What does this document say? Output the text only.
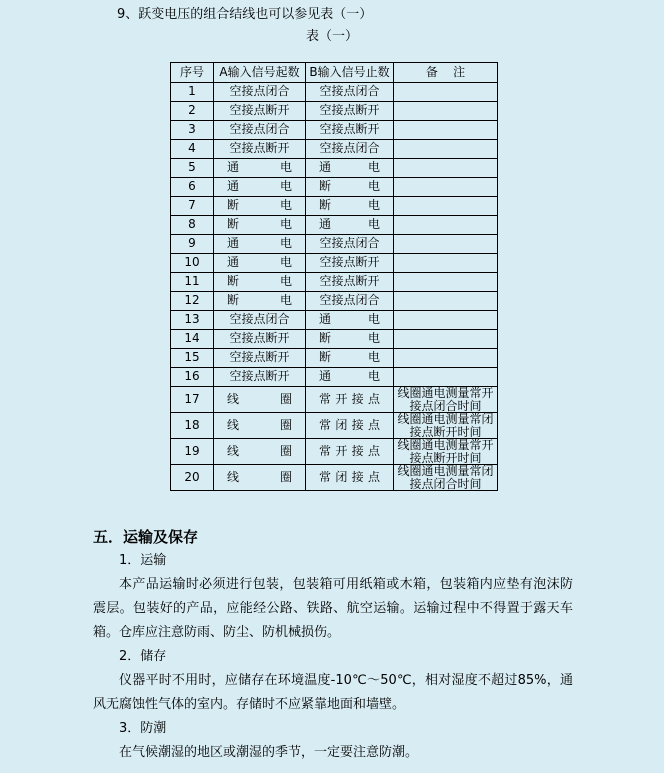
9、跃变电压的组合结线也可以参见表（一）

表（一）

序号	A输入信号起数	B输入信号止数	备    注
1	空接点闭合	空接点闭合	
2	空接点断开	空接点断开	
3	空接点闭合	空接点断开	
4	空接点断开	空接点闭合	
5	通 电	通 电	
6	通 电	断 电	
7	断 电	断 电	
8	断 电	通 电	
9	通 电	空接点闭合	
10	通 电	空接点断开	
11	断 电	空接点断开	
12	断 电	空接点闭合	
13	空接点闭合	通 电	
14	空接点断开	断 电	
15	空接点断开	断 电	
16	空接点断开	通 电	
17	线 圈	常 开 接 点	线圈通电测量常开
接点闭合时间

18	线 圈	常 闭 接 点	线圈通电测量常闭
接点断开时间

19	线 圈	常 开 接 点	线圈通电测量常开
接点断开时间

20	线 圈	常 闭 接 点	线圈通电测量常闭
接点闭合时间
五．运输及保存

1．运输

本产品运输时必须进行包装，包装箱可用纸箱或木箱，包装箱内应垫有泡沫防震层。包装好的产品，应能经公路、铁路、航空运输。运输过程中不得置于露天车箱。仓库应注意防雨、防尘、防机械损伤。

2．储存

仪器平时不用时，应储存在环境温度-10℃～50℃，相对湿度不超过85%，通风无腐蚀性气体的室内。存储时不应紧靠地面和墙壁。

3．防潮

在气候潮湿的地区或潮湿的季节，一定要注意防潮。
